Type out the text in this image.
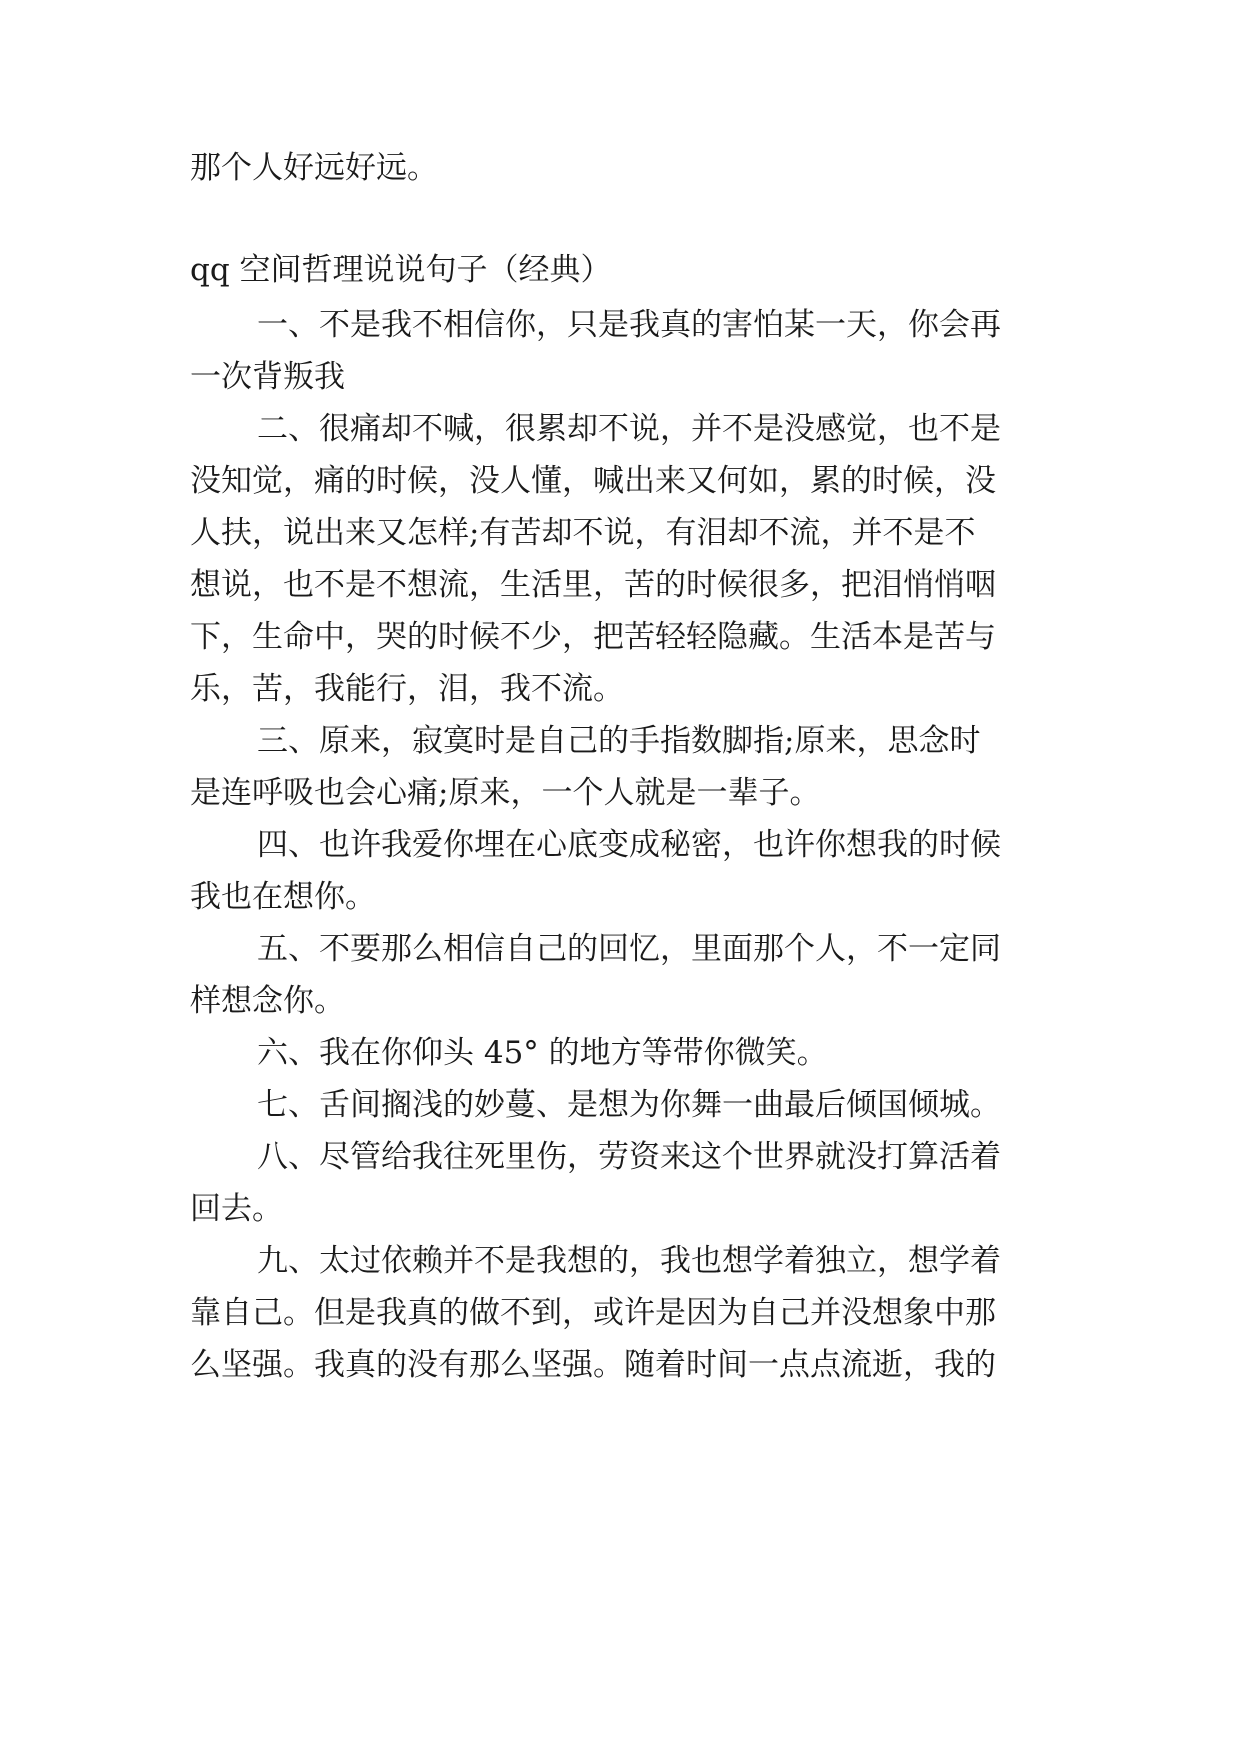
那个人好远好远。
qq 空间哲理说说句子（经典）
一、不是我不相信你，只是我真的害怕某一天，你会再
一次背叛我
二、很痛却不喊，很累却不说，并不是没感觉，也不是
没知觉，痛的时候，没人懂，喊出来又何如，累的时候，没
人扶，说出来又怎样;有苦却不说，有泪却不流，并不是不
想说，也不是不想流，生活里，苦的时候很多，把泪悄悄咽
下，生命中，哭的时候不少，把苦轻轻隐藏。生活本是苦与
乐，苦，我能行，泪，我不流。
三、原来，寂寞时是自己的手指数脚指;原来，思念时
是连呼吸也会心痛;原来，一个人就是一辈子。
四、也许我爱你埋在心底变成秘密，也许你想我的时候
我也在想你。
五、不要那么相信自己的回忆，里面那个人，不一定同
样想念你。
六、我在你仰头 45° 的地方等带你微笑。
七、舌间搁浅的妙蔓、是想为你舞一曲最后倾国倾城。
八、尽管给我往死里伤，劳资来这个世界就没打算活着
回去。
九、太过依赖并不是我想的，我也想学着独立，想学着
靠自己。但是我真的做不到，或许是因为自己并没想象中那
么坚强。我真的没有那么坚强。随着时间一点点流逝，我的
